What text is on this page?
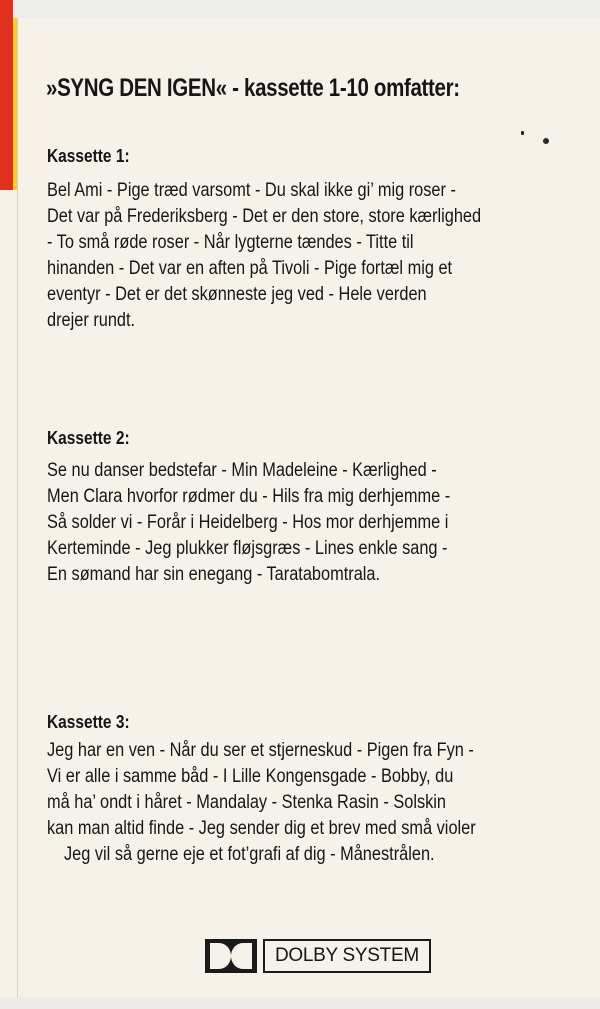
»SYNG DEN IGEN« - kassette 1-10 omfatter:
Kassette 1:

Bel Ami - Pige træd varsomt - Du skal ikke gi’ mig roser -

Det var på Frederiksberg - Det er den store, store kærlighed

- To små røde roser - Når lygterne tændes - Titte til

hinanden - Det var en aften på Tivoli - Pige fortæl mig et

eventyr - Det er det skønneste jeg ved - Hele verden

drejer rundt.

Kassette 2:

Se nu danser bedstefar - Min Madeleine - Kærlighed -

Men Clara hvorfor rødmer du - Hils fra mig derhjemme -

Så solder vi - Forår i Heidelberg - Hos mor derhjemme i

Kerteminde - Jeg plukker fløjsgræs - Lines enkle sang -

En sømand har sin enegang - Taratabomtrala.

Kassette 3:

Jeg har en ven - Når du ser et stjerneskud - Pigen fra Fyn -

Vi er alle i samme båd - I Lille Kongensgade - Bobby, du

må ha’ ondt i håret - Mandalay - Stenka Rasin - Solskin

kan man altid finde - Jeg sender dig et brev med små violer

Jeg vil så gerne eje et fot’grafi af dig - Månestrålen.

DOLBY SYSTEM
